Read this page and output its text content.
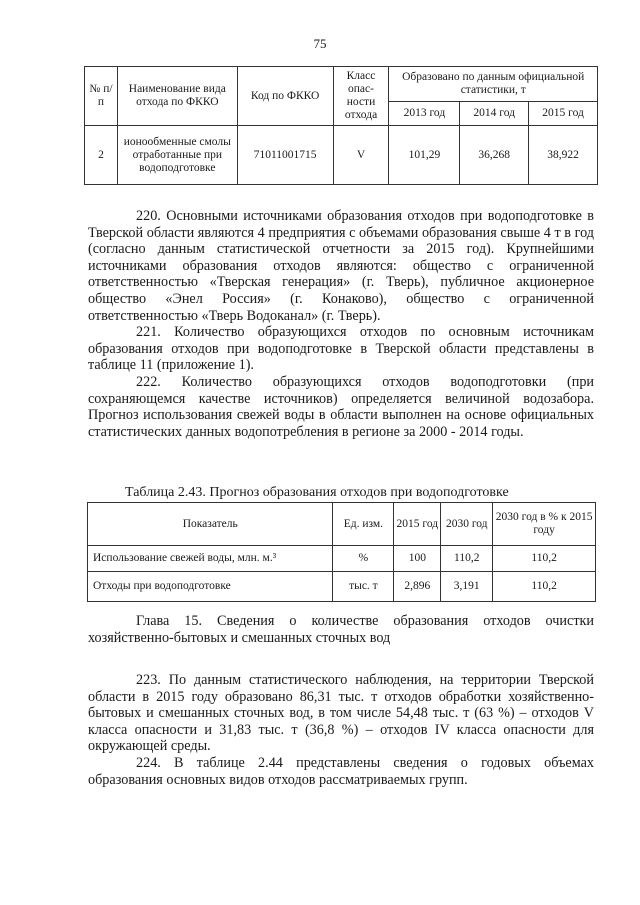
75
№ п/п	Наименование вида отхода по ФККО	Код по ФККО	Класс опас-ности отхода	Образовано по данным официальной статистики, т		
				2013 год	2014 год	2015 год
2	ионообменные смолы отработанные при водоподготовке	71011001715	V	101,29	36,268	38,922

220. Основными источниками образования отходов при водоподготовке в Тверской области являются 4 предприятия с объемами образования свыше 4 т в год (согласно данным статистической отчетности за 2015 год). Крупнейшими источниками образования отходов являются: общество с ограниченной ответственностью «Тверская генерация» (г. Тверь), публичное акционерное общество «Энел Россия» (г. Конаково), общество с ограниченной ответственностью «Тверь Водоканал» (г. Тверь).

221. Количество образующихся отходов по основным источникам образования отходов при водоподготовке в Тверской области представлены в таблице 11 (приложение 1).

222. Количество образующихся отходов водоподготовки (при сохраняющемся качестве источников) определяется величиной водозабора. Прогноз использования свежей воды в области выполнен на основе официальных статистических данных водопотребления в регионе за 2000 - 2014 годы.

Таблица 2.43. Прогноз образования отходов при водоподготовке
Показатель	Ед. изм.	2015 год	2030 год	2030 год в % к 2015 году
Использование свежей воды, млн. м.³	%	100	110,2	110,2
Отходы при водоподготовке	тыс. т	2,896	3,191	110,2

Глава 15. Сведения о количестве образования отходов очистки хозяйственно-бытовых и смешанных сточных вод

223. По данным статистического наблюдения, на территории Тверской области в 2015 году образовано 86,31 тыс. т отходов обработки хозяйственно-бытовых и смешанных сточных вод, в том числе 54,48 тыс. т (63 %) – отходов V класса опасности и 31,83 тыс. т (36,8 %) – отходов IV класса опасности для окружающей среды.

224. В таблице 2.44 представлены сведения о годовых объемах образования основных видов отходов рассматриваемых групп.
